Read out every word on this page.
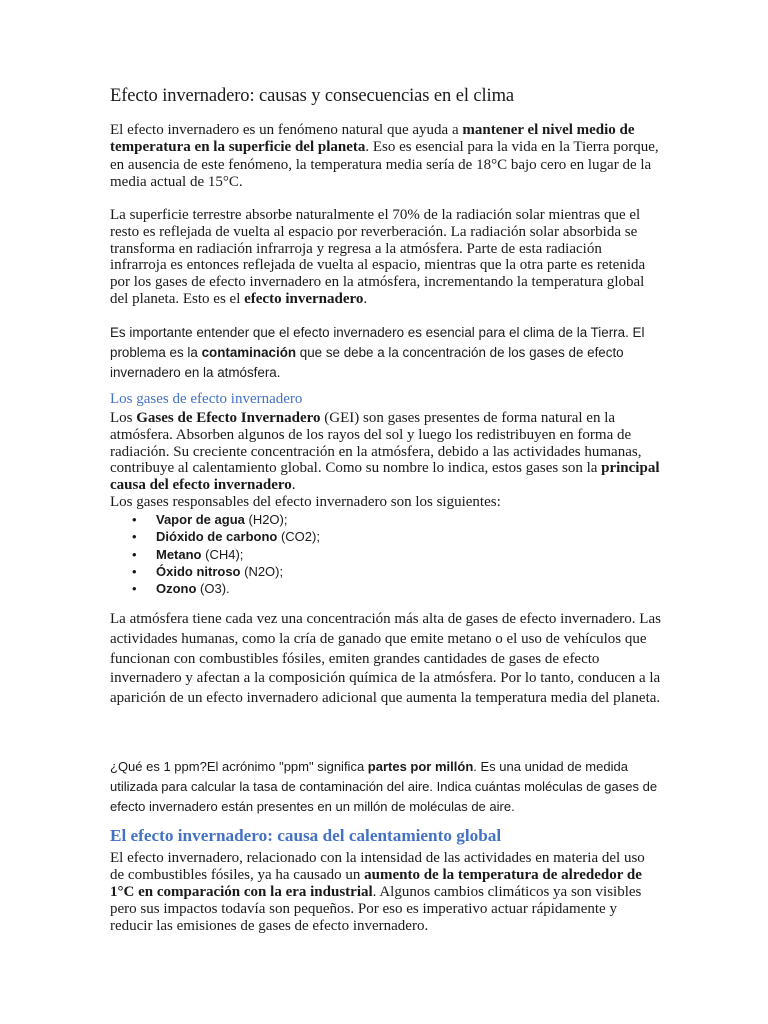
Efecto invernadero: causas y consecuencias en el clima

El efecto invernadero es un fenómeno natural que ayuda a mantener el nivel medio de temperatura en la superficie del planeta. Eso es esencial para la vida en la Tierra porque, en ausencia de este fenómeno, la temperatura media sería de 18°C bajo cero en lugar de la media actual de 15°C.

La superficie terrestre absorbe naturalmente el 70% de la radiación solar mientras que el resto es reflejada de vuelta al espacio por reverberación. La radiación solar absorbida se transforma en radiación infrarroja y regresa a la atmósfera. Parte de esta radiación infrarroja es entonces reflejada de vuelta al espacio, mientras que la otra parte es retenida por los gases de efecto invernadero en la atmósfera, incrementando la temperatura global del planeta. Esto es el efecto invernadero.

Es importante entender que el efecto invernadero es esencial para el clima de la Tierra. El problema es la contaminación que se debe a la concentración de los gases de efecto invernadero en la atmósfera.

Los gases de efecto invernadero

Los Gases de Efecto Invernadero (GEI) son gases presentes de forma natural en la atmósfera. Absorben algunos de los rayos del sol y luego los redistribuyen en forma de radiación. Su creciente concentración en la atmósfera, debido a las actividades humanas, contribuye al calentamiento global. Como su nombre lo indica, estos gases son la principal causa del efecto invernadero.

Los gases responsables del efecto invernadero son los siguientes:

• Vapor de agua (H2O);
• Dióxido de carbono (CO2);
• Metano (CH4);
• Óxido nitroso (N2O);
• Ozono (O3).

La atmósfera tiene cada vez una concentración más alta de gases de efecto invernadero. Las actividades humanas, como la cría de ganado que emite metano o el uso de vehículos que funcionan con combustibles fósiles, emiten grandes cantidades de gases de efecto invernadero y afectan a la composición química de la atmósfera. Por lo tanto, conducen a la aparición de un efecto invernadero adicional que aumenta la temperatura media del planeta.

¿Qué es 1 ppm?El acrónimo "ppm" significa partes por millón. Es una unidad de medida utilizada para calcular la tasa de contaminación del aire. Indica cuántas moléculas de gases de efecto invernadero están presentes en un millón de moléculas de aire.

El efecto invernadero: causa del calentamiento global

El efecto invernadero, relacionado con la intensidad de las actividades en materia del uso de combustibles fósiles, ya ha causado un aumento de la temperatura de alrededor de 1°C en comparación con la era industrial. Algunos cambios climáticos ya son visibles pero sus impactos todavía son pequeños. Por eso es imperativo actuar rápidamente y reducir las emisiones de gases de efecto invernadero.
